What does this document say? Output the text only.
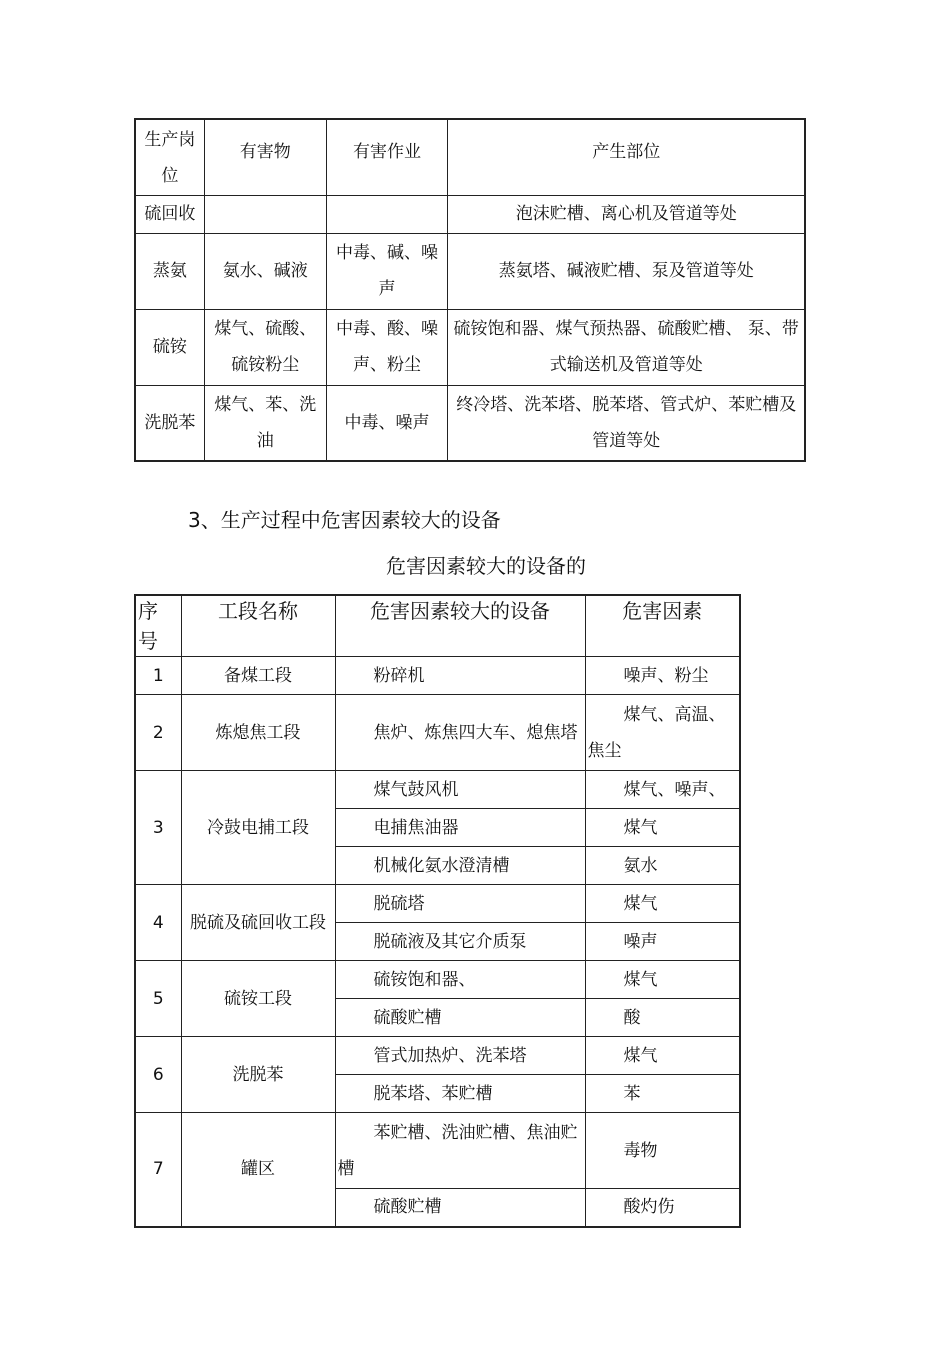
生产岗位	有害物	有害作业	产生部位
硫回收			泡沫贮槽、离心机及管道等处
蒸氨	氨水、碱液	中毒、碱、噪声	蒸氨塔、碱液贮槽、泵及管道等处
硫铵	煤气、硫酸、硫铵粉尘	中毒、酸、噪声、粉尘	硫铵饱和器、煤气预热器、硫酸贮槽、 泵、带式输送机及管道等处
洗脱苯	煤气、苯、洗油	中毒、噪声	终冷塔、洗苯塔、脱苯塔、管式炉、苯贮槽及管道等处
3、生产过程中危害因素较大的设备
危害因素较大的设备的
序号	工段名称	危害因素较大的设备	危害因素
1	备煤工段	粉碎机	噪声、粉尘
2	炼熄焦工段	焦炉、炼焦四大车、熄焦塔	煤气、高温、焦尘
3	冷鼓电捕工段	煤气鼓风机	煤气、噪声、
		电捕焦油器	煤气
		机械化氨水澄清槽	氨水
4	脱硫及硫回收工段	脱硫塔	煤气
		脱硫液及其它介质泵	噪声
5	硫铵工段	硫铵饱和器、	煤气
		硫酸贮槽	酸
6	洗脱苯	管式加热炉、洗苯塔	煤气
		脱苯塔、苯贮槽	苯
7	罐区	苯贮槽、洗油贮槽、焦油贮槽	毒物
		硫酸贮槽	酸灼伤
